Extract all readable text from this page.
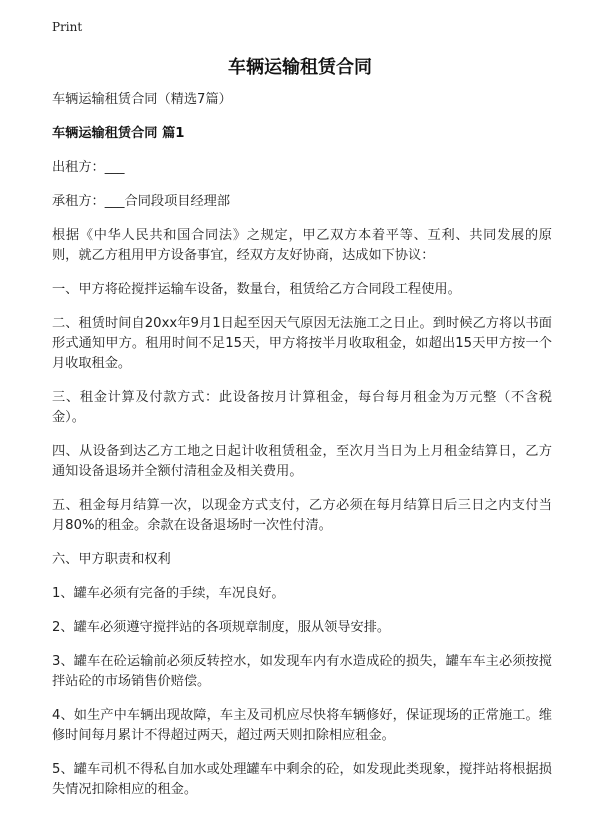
Print
车辆运输租赁合同

车辆运输租赁合同（精选7篇）

车辆运输租赁合同 篇1

出租方：___

承租方：___合同段项目经理部

根据《中华人民共和国合同法》之规定，甲乙双方本着平等、互利、共同发展的原则，就乙方租用甲方设备事宜，经双方友好协商，达成如下协议：

一、甲方将砼搅拌运输车设备，数量台，租赁给乙方合同段工程使用。

二、租赁时间自20xx年9月1日起至因天气原因无法施工之日止。到时候乙方将以书面形式通知甲方。租用时间不足15天，甲方将按半月收取租金，如超出15天甲方按一个月收取租金。

三、租金计算及付款方式：此设备按月计算租金，每台每月租金为万元整（不含税金）。

四、从设备到达乙方工地之日起计收租赁租金，至次月当日为上月租金结算日，乙方通知设备退场并全额付清租金及相关费用。

五、租金每月结算一次，以现金方式支付，乙方必须在每月结算日后三日之内支付当月80%的租金。余款在设备退场时一次性付清。

六、甲方职责和权利

1、罐车必须有完备的手续，车况良好。

2、罐车必须遵守搅拌站的各项规章制度，服从领导安排。

3、罐车在砼运输前必须反转控水，如发现车内有水造成砼的损失，罐车车主必须按搅拌站砼的市场销售价赔偿。

4、如生产中车辆出现故障，车主及司机应尽快将车辆修好，保证现场的正常施工。维修时间每月累计不得超过两天，超过两天则扣除相应租金。

5、罐车司机不得私自加水或处理罐车中剩余的砼，如发现此类现象，搅拌站将根据损失情况扣除相应的租金。
